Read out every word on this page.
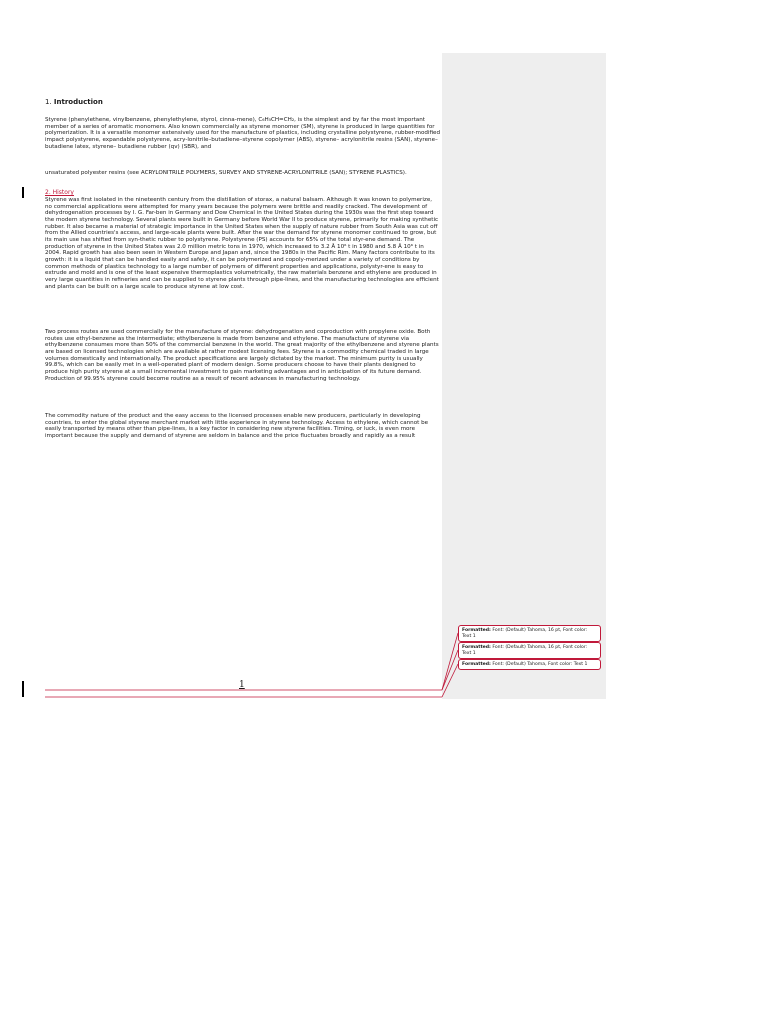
1. Introduction

Styrene (phenylethene, vinylbenzene, phenylethylene, styrol, cinna-mene), C₆H₅CH=CH₂, is the simplest and by far the most important member of a series of aromatic monomers. Also known commercially as styrene monomer (SM), styrene is produced in large quantities for polymerization. It is a versatile monomer extensively used for the manufacture of plastics, including crystalline polystyrene, rubber-modified impact polystyrene, expandable polystyrene, acry-lonitrile–butadiene–styrene copolymer (ABS), styrene– acrylonitrile resins (SAN), styrene– butadiene latex, styrene– butadiene rubber (qv) (SBR), and

unsaturated polyester resins (see ACRYLONITRILE POLYMERS, SURVEY AND STYRENE-ACRYLONITRILE (SAN); STYRENE PLASTICS).

2. History

Styrene was first isolated in the nineteenth century from the distillation of storax, a natural balsam. Although it was known to polymerize, no commercial applications were attempted for many years because the polymers were brittle and readily cracked. The development of dehydrogenation processes by I. G. Far-ben in Germany and Dow Chemical in the United States during the 1930s was the first step toward the modern styrene technology. Several plants were built in Germany before World War II to produce styrene, primarily for making synthetic rubber. It also became a material of strategic importance in the United States when the supply of nature rubber from South Asia was cut off from the Allied countries's access, and large-scale plants were built. After the war the demand for styrene monomer continued to grow, but its main use has shifted from syn-thetic rubber to polystyrene. Polystyrene (PS) accounts for 65% of the total styr-ene demand. The production of styrene in the United States was 2.0 million metric tons in 1970, which increased to 3.2 Â 10⁶ t in 1980 and 5.8 Â 10⁶ t in 2004. Rapid growth has also been seen in Western Europe and Japan and, since the 1980s in the Pacific Rim. Many factors contribute to its growth: it is a liquid that can be handled easily and safely, it can be polymerized and copoly-merized under a variety of conditions by common methods of plastics technology to a large number of polymers of different properties and applications, polystyr-ene is easy to extrude and mold and is one of the least expensive thermoplastics volumetrically, the raw materials benzene and ethylene are produced in very large quantities in refineries and can be supplied to styrene plants through pipe-lines, and the manufacturing technologies are efficient and plants can be built on a large scale to produce styrene at low cost.

Two process routes are used commercially for the manufacture of styrene: dehydrogenation and coproduction with propylene oxide. Both routes use ethyl-benzene as the intermediate; ethylbenzene is made from benzene and ethylene. The manufacture of styrene via ethylbenzene consumes more than 50% of the commercial benzene in the world. The great majority of the ethylbenzene and styrene plants are based on licensed technologies which are available at rather modest licensing fees. Styrene is a commodity chemical traded in large volumes domestically and internationally. The product specifications are largely dictated by the market. The minimum purity is usually 99.8%, which can be easily met in a well-operated plant of modern design. Some producers choose to have their plants designed to produce high purity styrene at a small incremental investment to gain marketing advantages and in anticipation of its future demand. Production of 99.95% styrene could become routine as a result of recent advances in manufacturing technology.

The commodity nature of the product and the easy access to the licensed processes enable new producers, particularly in developing countries, to enter the global styrene merchant market with little experience in styrene technology. Access to ethylene, which cannot be easily transported by means other than pipe-lines, is a key factor in considering new styrene facilities. Timing, or luck, is even more important because the supply and demand of styrene are seldom in balance and the price fluctuates broadly and rapidly as a result

1
Formatted: Font: (Default) Tahoma, 16 pt, Font color: Text 1
Formatted: Font: (Default) Tahoma, 16 pt, Font color: Text 1
Formatted: Font: (Default) Tahoma, Font color: Text 1
